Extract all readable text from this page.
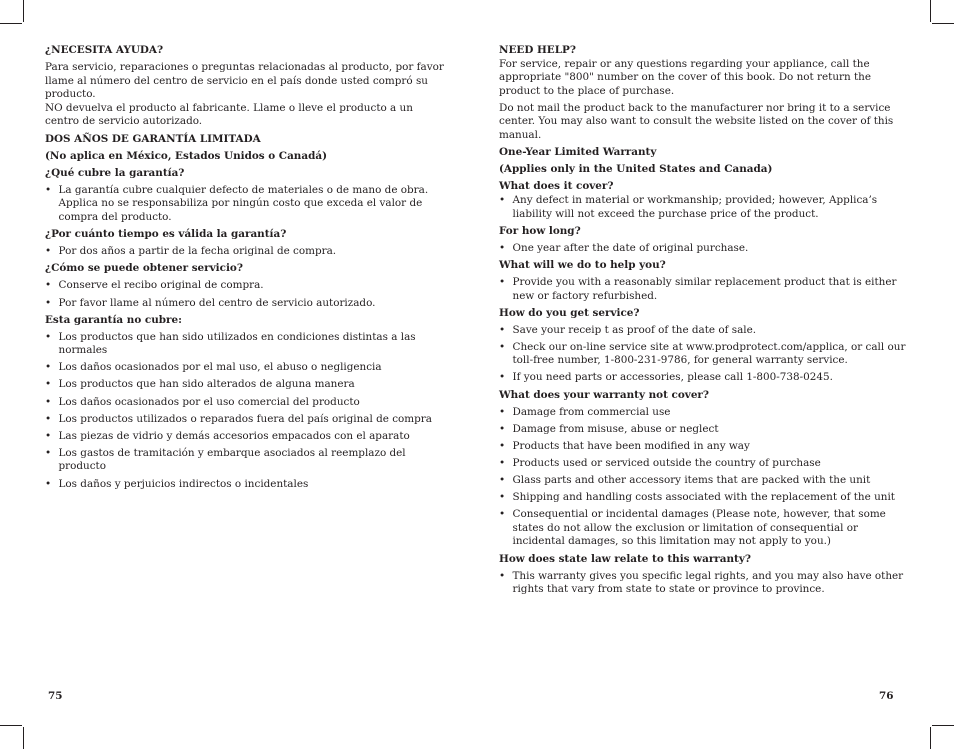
¿NECESITA AYUDA?
Para servicio, reparaciones o preguntas relacionadas al producto, por favor llame al número del centro de servicio en el país donde usted compró su producto.
NO devuelva el producto al fabricante. Llame o lleve el producto a un centro de servicio autorizado.
DOS AÑOS DE GARANTÍA LIMITADA
(No aplica en México, Estados Unidos o Canadá)
¿Qué cubre la garantía?
• La garantía cubre cualquier defecto de materiales o de mano de obra. Applica no se responsabiliza por ningún costo que exceda el valor de compra del producto.
¿Por cuánto tiempo es válida la garantía?
• Por dos años a partir de la fecha original de compra.
¿Cómo se puede obtener servicio?
• Conserve el recibo original de compra.
• Por favor llame al número del centro de servicio autorizado.
Esta garantía no cubre:
• Los productos que han sido utilizados en condiciones distintas a las normales
• Los daños ocasionados por el mal uso, el abuso o negligencia
• Los productos que han sido alterados de alguna manera
• Los daños ocasionados por el uso comercial del producto
• Los productos utilizados o reparados fuera del país original de compra
• Las piezas de vidrio y demás accesorios empacados con el aparato
• Los gastos de tramitación y embarque asociados al reemplazo del producto
• Los daños y perjuicios indirectos o incidentales
NEED HELP?
For service, repair or any questions regarding your appliance, call the appropriate "800" number on the cover of this book. Do not return the product to the place of purchase.
Do not mail the product back to the manufacturer nor bring it to a service center. You may also want to consult the website listed on the cover of this manual.
One-Year Limited Warranty
(Applies only in the United States and Canada)
What does it cover?
• Any defect in material or workmanship; provided; however, Applica’s liability will not exceed the purchase price of the product.
For how long?
• One year after the date of original purchase.
What will we do to help you?
• Provide you with a reasonably similar replacement product that is either new or factory refurbished.
How do you get service?
• Save your receip t as proof of the date of sale.
• Check our on-line service site at www.prodprotect.com/applica, or call our toll-free number, 1-800-231-9786, for general warranty service.
• If you need parts or accessories, please call 1-800-738-0245.
What does your warranty not cover?
• Damage from commercial use
• Damage from misuse, abuse or neglect
• Products that have been modified in any way
• Products used or serviced outside the country of purchase
• Glass parts and other accessory items that are packed with the unit
• Shipping and handling costs associated with the replacement of the unit
• Consequential or incidental damages (Please note, however, that some states do not allow the exclusion or limitation of consequential or incidental damages, so this limitation may not apply to you.)
How does state law relate to this warranty?
• This warranty gives you specific legal rights, and you may also have other rights that vary from state to state or province to province.
75	76
